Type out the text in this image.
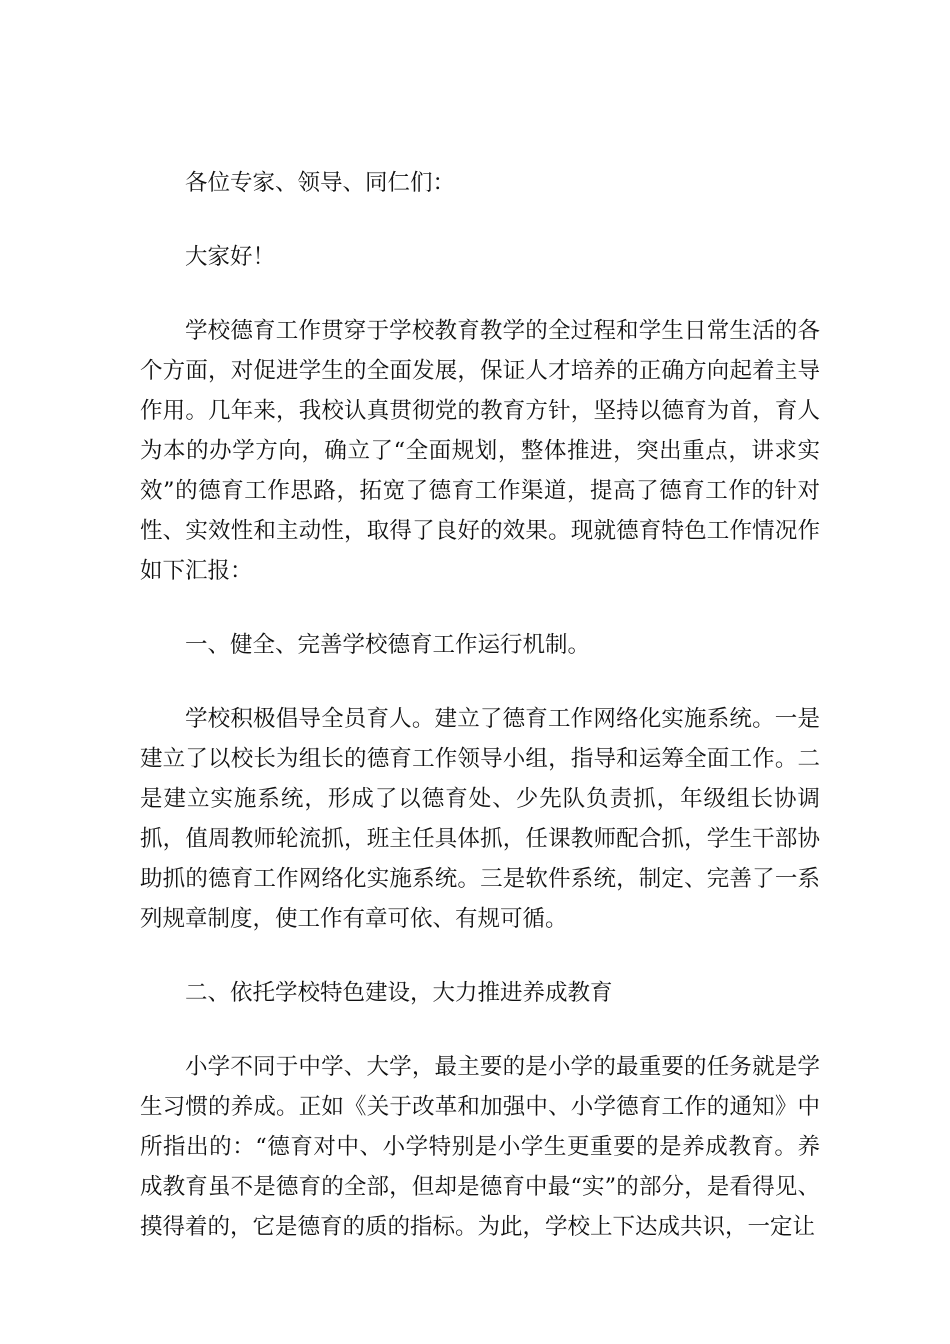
各位专家、领导、同仁们：

大家好！

学校德育工作贯穿于学校教育教学的全过程和学生日常生活的各个方面，对促进学生的全面发展，保证人才培养的正确方向起着主导作用。几年来，我校认真贯彻党的教育方针，坚持以德育为首，育人为本的办学方向，确立了“全面规划，整体推进，突出重点，讲求实效”的德育工作思路，拓宽了德育工作渠道，提高了德育工作的针对性、实效性和主动性，取得了良好的效果。现就德育特色工作情况作如下汇报：

一、健全、完善学校德育工作运行机制。

学校积极倡导全员育人。建立了德育工作网络化实施系统。一是建立了以校长为组长的德育工作领导小组，指导和运筹全面工作。二是建立实施系统，形成了以德育处、少先队负责抓，年级组长协调抓，值周教师轮流抓，班主任具体抓，任课教师配合抓，学生干部协助抓的德育工作网络化实施系统。三是软件系统，制定、完善了一系列规章制度，使工作有章可依、有规可循。

二、依托学校特色建设，大力推进养成教育

小学不同于中学、大学，最主要的是小学的最重要的任务就是学生习惯的养成。正如《关于改革和加强中、小学德育工作的通知》中所指出的：“德育对中、小学特别是小学生更重要的是养成教育。养成教育虽不是德育的全部，但却是德育中最“实”的部分，是看得见、摸得着的，它是德育的质的指标。为此，学校上下达成共识，一定让
